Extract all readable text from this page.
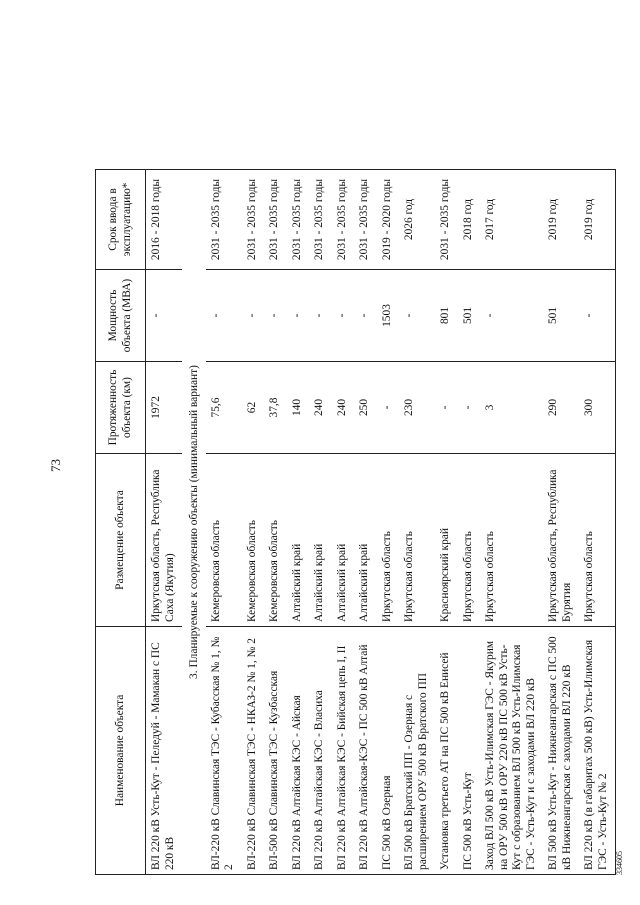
73
Наименование объекта	Размещение объекта	Протяженность объекта (км)	Мощность объекта (МВА)	Срок ввода в эксплуатацию*
ВЛ 220 кВ Усть-Кут - Пеледуй - Мамакан с ПС 220 кВ	Иркутская область, Республика Саха (Якутия)	1972	-	2016 - 2018 годы
3. Планируемые к сооружению объекты (минимальный вариант)				
ВЛ-220 кВ Славинская ТЭС - Кубасская № 1, № 2	Кемеровская область	75,6	-	2031 - 2035 годы
ВЛ-220 кВ Славинская ТЭС - НКАЗ-2 № 1, № 2	Кемеровская область	62	-	2031 - 2035 годы
ВЛ-500 кВ Славинская ТЭС - Кузбасская	Кемеровская область	37,8	-	2031 - 2035 годы
ВЛ 220 кВ Алтайская КЭС - Айская	Алтайский край	140	-	2031 - 2035 годы
ВЛ 220 кВ Алтайская КЭС - Власиха	Алтайский край	240	-	2031 - 2035 годы
ВЛ 220 кВ Алтайская КЭС - Бийская цепь I, II	Алтайский край	240	-	2031 - 2035 годы
ВЛ 220 кВ Алтайская-КЭС - ПС 500 кВ Алтай	Алтайский край	250	-	2031 - 2035 годы
ПС 500 кВ Озерная	Иркутская область	-	1503	2019 - 2020 годы
ВЛ 500 кВ Братский ПП - Озерная с расширением ОРУ 500 кВ Братского ПП	Иркутская область	230	-	2026 год
Установка третьего АТ на ПС 500 кВ Енисей	Красноярский край	-	801	2031 - 2035 годы
ПС 500 кВ Усть-Кут	Иркутская область	-	501	2018 год
Заход ВЛ 500 кВ Усть-Илимская ГЭС - Якурим на ОРУ 500 кВ и ОРУ 220 кВ ПС 500 кВ Усть-Кут с образованием ВЛ 500 кВ Усть-Илимская ГЭС - Усть-Кут и с заходами ВЛ 220 кВ	Иркутская область	3	-	2017 год
ВЛ 500 кВ Усть-Кут - Нижнеангарская с ПС 500 кВ Нижнеангарская с заходами ВЛ 220 кВ	Иркутская область, Республика Бурятия	290	501	2019 год
ВЛ 220 кВ (в габаритах 500 кВ) Усть-Илимская ГЭС - Усть-Кут № 2	Иркутская область	300	-	2019 год
334605
